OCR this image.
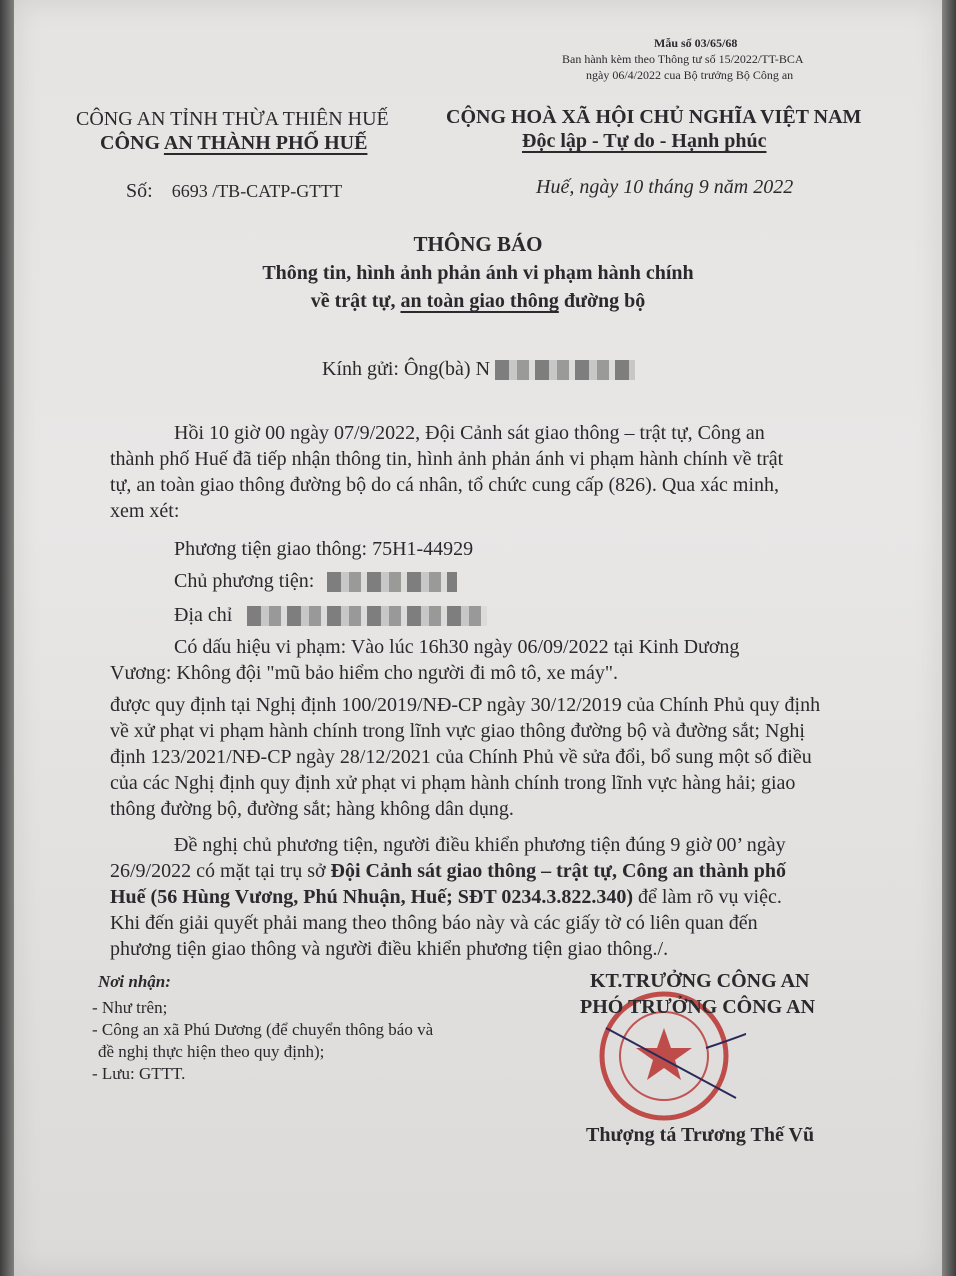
Mẫu số 03/65/68
Ban hành kèm theo Thông tư số 15/2022/TT-BCA
ngày 06/4/2022 cua Bộ trưởng Bộ Công an
CÔNG AN TỈNH THỪA THIÊN HUẾ
CÔNG AN THÀNH PHỐ HUẾ
CỘNG HOÀ XÃ HỘI CHỦ NGHĨA VIỆT NAM
Độc lập - Tự do - Hạnh phúc
Số: 6693 /TB-CATP-GTTT	Huế, ngày 10 tháng 9 năm 2022
THÔNG BÁO
Thông tin, hình ảnh phản ánh vi phạm hành chính
về trật tự, an toàn giao thông đường bộ
Kính gửi: Ông(bà) N
Hồi 10 giờ 00 ngày 07/9/2022, Đội Cảnh sát giao thông – trật tự, Công an
thành phố Huế đã tiếp nhận thông tin, hình ảnh phản ánh vi phạm hành chính về trật
tự, an toàn giao thông đường bộ do cá nhân, tổ chức cung cấp (826). Qua xác minh,
xem xét:
Phương tiện giao thông: 75H1-44929
Chủ phương tiện:
Địa chỉ
Có dấu hiệu vi phạm: Vào lúc 16h30 ngày 06/09/2022 tại Kinh Dương
Vương: Không đội "mũ bảo hiểm cho người đi mô tô, xe máy".
được quy định tại Nghị định 100/2019/NĐ-CP ngày 30/12/2019 của Chính Phủ quy định
về xử phạt vi phạm hành chính trong lĩnh vực giao thông đường bộ và đường sắt; Nghị
định 123/2021/NĐ-CP ngày 28/12/2021 của Chính Phủ về sửa đổi, bổ sung một số điều
của các Nghị định quy định xử phạt vi phạm hành chính trong lĩnh vực hàng hải; giao
thông đường bộ, đường sắt; hàng không dân dụng.
Đề nghị chủ phương tiện, người điều khiển phương tiện đúng 9 giờ 00’ ngày
26/9/2022 có mặt tại trụ sở Đội Cảnh sát giao thông – trật tự, Công an thành phố
Huế (56 Hùng Vương, Phú Nhuận, Huế; SĐT 0234.3.822.340) để làm rõ vụ việc.
Khi đến giải quyết phải mang theo thông báo này và các giấy tờ có liên quan đến
phương tiện giao thông và người điều khiển phương tiện giao thông./.
Nơi nhận:
- Như trên;
- Công an xã Phú Dương (để chuyển thông báo và
đề nghị thực hiện theo quy định);
- Lưu: GTTT.
KT.TRƯỞNG CÔNG AN
PHÓ TRƯỞNG CÔNG AN
Thượng tá Trương Thế Vũ
